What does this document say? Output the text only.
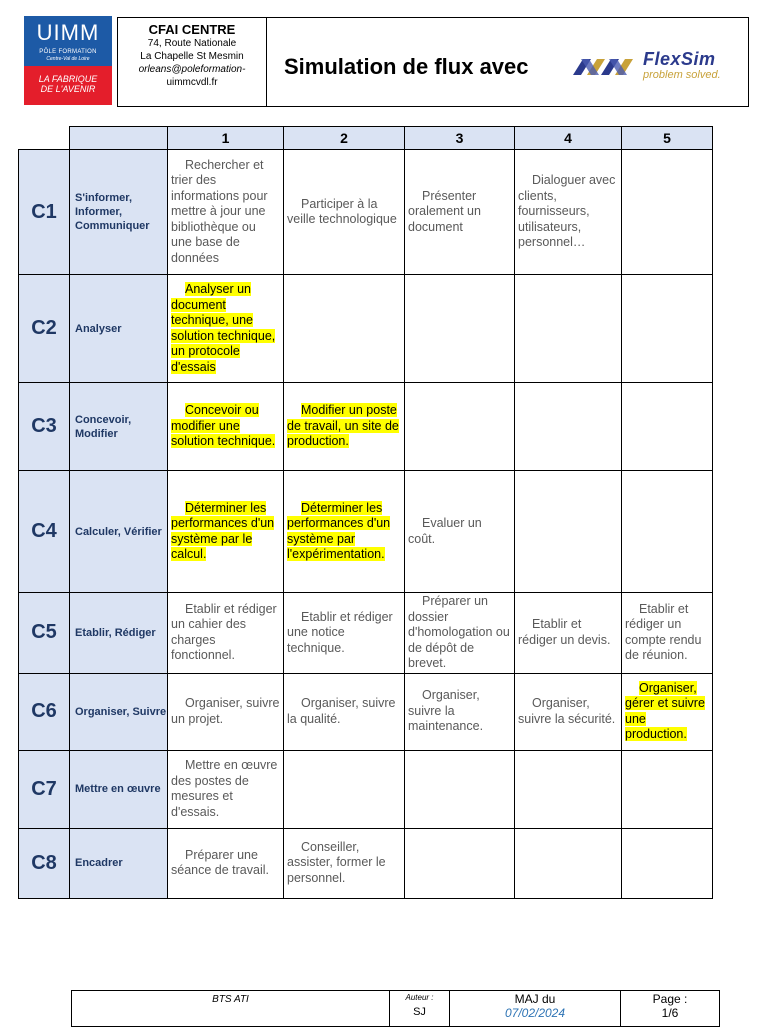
UIMM
PÔLE FORMATION
Centre-Val de Loire
LA FABRIQUE
DE L'AVENIR
CFAI CENTRE
74, Route Nationale
La Chapelle St Mesmin
orleans@poleformation-
uimmcvdl.fr
Simulation de flux avec	FlexSim
problem solved.
		1	2	3	4	5
C1	S'informer, Informer, Communiquer	Rechercher et trier des informations pour mettre à jour une bibliothèque ou une base de données	Participer à la veille technologique	Présenter oralement un document	Dialoguer avec clients, fournisseurs, utilisateurs, personnel…	
C2	Analyser	Analyser un document technique, une solution technique, un protocole d'essais				
C3	Concevoir, Modifier	Concevoir ou modifier une solution technique.	Modifier un poste de travail, un site de production.			
C4	Calculer, Vérifier	Déterminer les performances d'un système par le calcul.	Déterminer les performances d'un système par l'expérimentation.	Evaluer un coût.		
C5	Etablir, Rédiger	Etablir et rédiger un cahier des charges fonctionnel.	Etablir et rédiger une notice technique.	Préparer un dossier d'homologation ou de dépôt de brevet.	Etablir et rédiger un devis.	Etablir et rédiger un compte rendu de réunion.
C6	Organiser, Suivre	Organiser, suivre un projet.	Organiser, suivre la qualité.	Organiser, suivre la maintenance.	Organiser, suivre la sécurité.	Organiser, gérer et suivre une production.
C7	Mettre en œuvre	Mettre en œuvre des postes de mesures et d'essais.				
C8	Encadrer	Préparer une séance de travail.	Conseiller, assister, former le personnel.			
BTS ATI	Auteur :
SJ

MAJ du
07/02/2024

Page :
1/6
